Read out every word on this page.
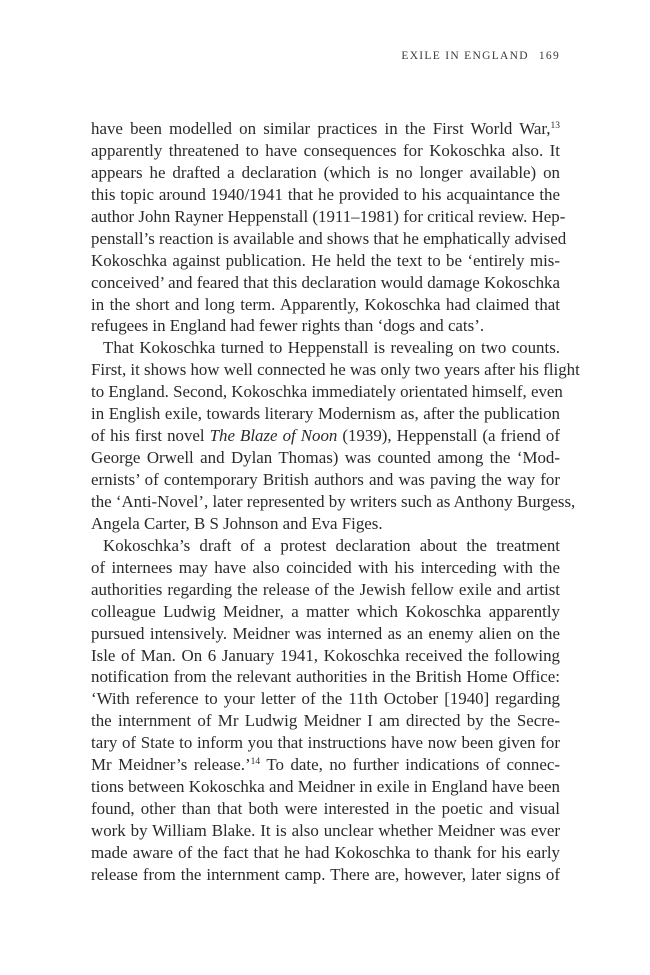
EXILE IN ENGLAND 169
have been modelled on similar practices in the First World War,$^{13}$
apparently threatened to have consequences for Kokoschka also. It
appears he drafted a declaration (which is no longer available) on
this topic around 1940/1941 that he provided to his acquaintance the
author John Rayner Heppenstall (1911–1981) for critical review. Hep-
penstall’s reaction is available and shows that he emphatically advised
Kokoschka against publication. He held the text to be ‘entirely mis-
conceived’ and feared that this declaration would damage Kokoschka
in the short and long term. Apparently, Kokoschka had claimed that
refugees in England had fewer rights than ‘dogs and cats’.
That Kokoschka turned to Heppenstall is revealing on two counts.
First, it shows how well connected he was only two years after his flight
to England. Second, Kokoschka immediately orientated himself, even
in English exile, towards literary Modernism as, after the publication
of his first novel The Blaze of Noon (1939), Heppenstall (a friend of
George Orwell and Dylan Thomas) was counted among the ‘Mod-
ernists’ of contemporary British authors and was paving the way for
the ‘Anti-Novel’, later represented by writers such as Anthony Burgess,
Angela Carter, B S Johnson and Eva Figes.
Kokoschka’s draft of a protest declaration about the treatment
of internees may have also coincided with his interceding with the
authorities regarding the release of the Jewish fellow exile and artist
colleague Ludwig Meidner, a matter which Kokoschka apparently
pursued intensively. Meidner was interned as an enemy alien on the
Isle of Man. On 6 January 1941, Kokoschka received the following
notification from the relevant authorities in the British Home Office:
‘With reference to your letter of the 11th October [1940] regarding
the internment of Mr Ludwig Meidner I am directed by the Secre-
tary of State to inform you that instructions have now been given for
Mr Meidner’s release.’$^{14}$ To date, no further indications of connec-
tions between Kokoschka and Meidner in exile in England have been
found, other than that both were interested in the poetic and visual
work by William Blake. It is also unclear whether Meidner was ever
made aware of the fact that he had Kokoschka to thank for his early
release from the internment camp. There are, however, later signs of
